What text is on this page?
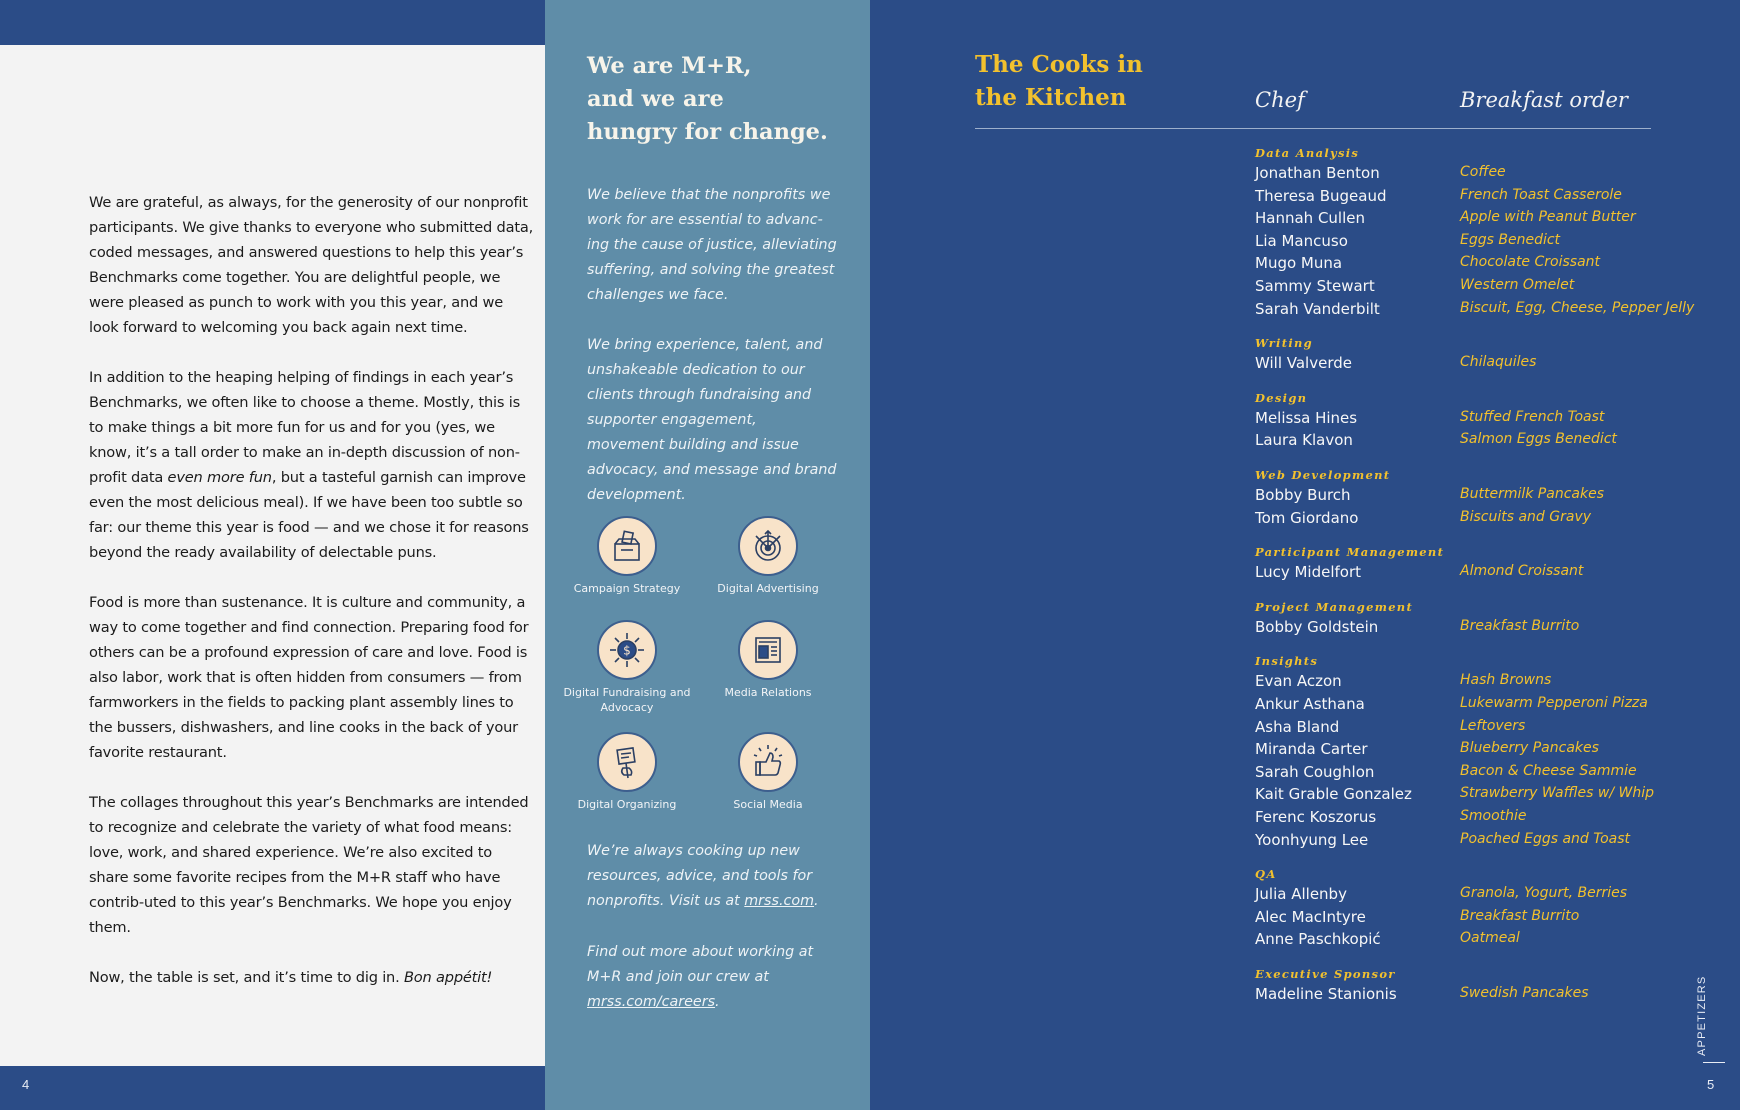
We are grateful, as always, for the generosity of our nonprofit participants. We give thanks to everyone who submitted data, coded messages, and answered questions to help this year’s Benchmarks come together. You are delightful people, we were pleased as punch to work with you this year, and we look forward to welcoming you back again next time.

In addition to the heaping helping of findings in each year’s Benchmarks, we often like to choose a theme. Mostly, this is to make things a bit more fun for us and for you (yes, we know, it’s a tall order to make an in-depth discussion of non-profit data even more fun, but a tasteful garnish can improve even the most delicious meal). If we have been too subtle so far: our theme this year is food — and we chose it for reasons beyond the ready availability of delectable puns.

Food is more than sustenance. It is culture and community, a way to come together and find connection. Preparing food for others can be a profound expression of care and love. Food is also labor, work that is often hidden from consumers — from farmworkers in the fields to packing plant assembly lines to the bussers, dishwashers, and line cooks in the back of your favorite restaurant.

The collages throughout this year’s Benchmarks are intended to recognize and celebrate the variety of what food means: love, work, and shared experience. We’re also excited to share some favorite recipes from the M+R staff who have contrib-uted to this year’s Benchmarks. We hope you enjoy them.

Now, the table is set, and it’s time to dig in. Bon appétit!

4
We are M+R,
and we are
hungry for change.

We believe that the nonprofits we work for are essential to advanc-ing the cause of justice, alleviating suffering, and solving the greatest challenges we face.

We bring experience, talent, and unshakeable dedication to our clients through fundraising and supporter engagement, movement building and issue advocacy, and message and brand development.

Campaign Strategy	Digital Advertising
$
Digital Fundraising and Advocacy
Media Relations
Digital Organizing	Social Media

We’re always cooking up new resources, advice, and tools for nonprofits. Visit us at mrss.com.

Find out more about working at M+R and join our crew at mrss.com/careers.

The Cooks in
the Kitchen	Chef	Breakfast order
Data Analysis
Jonathan Benton	Coffee
Theresa Bugeaud	French Toast Casserole
Hannah Cullen	Apple with Peanut Butter
Lia Mancuso	Eggs Benedict
Mugo Muna	Chocolate Croissant
Sammy Stewart	Western Omelet
Sarah Vanderbilt	Biscuit, Egg, Cheese, Pepper Jelly
Writing
Will Valverde	Chilaquiles
Design
Melissa Hines	Stuffed French Toast
Laura Klavon	Salmon Eggs Benedict
Web Development
Bobby Burch	Buttermilk Pancakes
Tom Giordano	Biscuits and Gravy
Participant Management
Lucy Midelfort	Almond Croissant
Project Management
Bobby Goldstein	Breakfast Burrito
Insights
Evan Aczon	Hash Browns
Ankur Asthana	Lukewarm Pepperoni Pizza
Asha Bland	Leftovers
Miranda Carter	Blueberry Pancakes
Sarah Coughlon	Bacon & Cheese Sammie
Kait Grable Gonzalez	Strawberry Waffles w/ Whip
Ferenc Koszorus	Smoothie
Yoonhyung Lee	Poached Eggs and Toast
QA
Julia Allenby	Granola, Yogurt, Berries
Alec MacIntyre	Breakfast Burrito
Anne Paschkopić	Oatmeal
Executive Sponsor
Madeline Stanionis	Swedish Pancakes	APPETIZERS
5
